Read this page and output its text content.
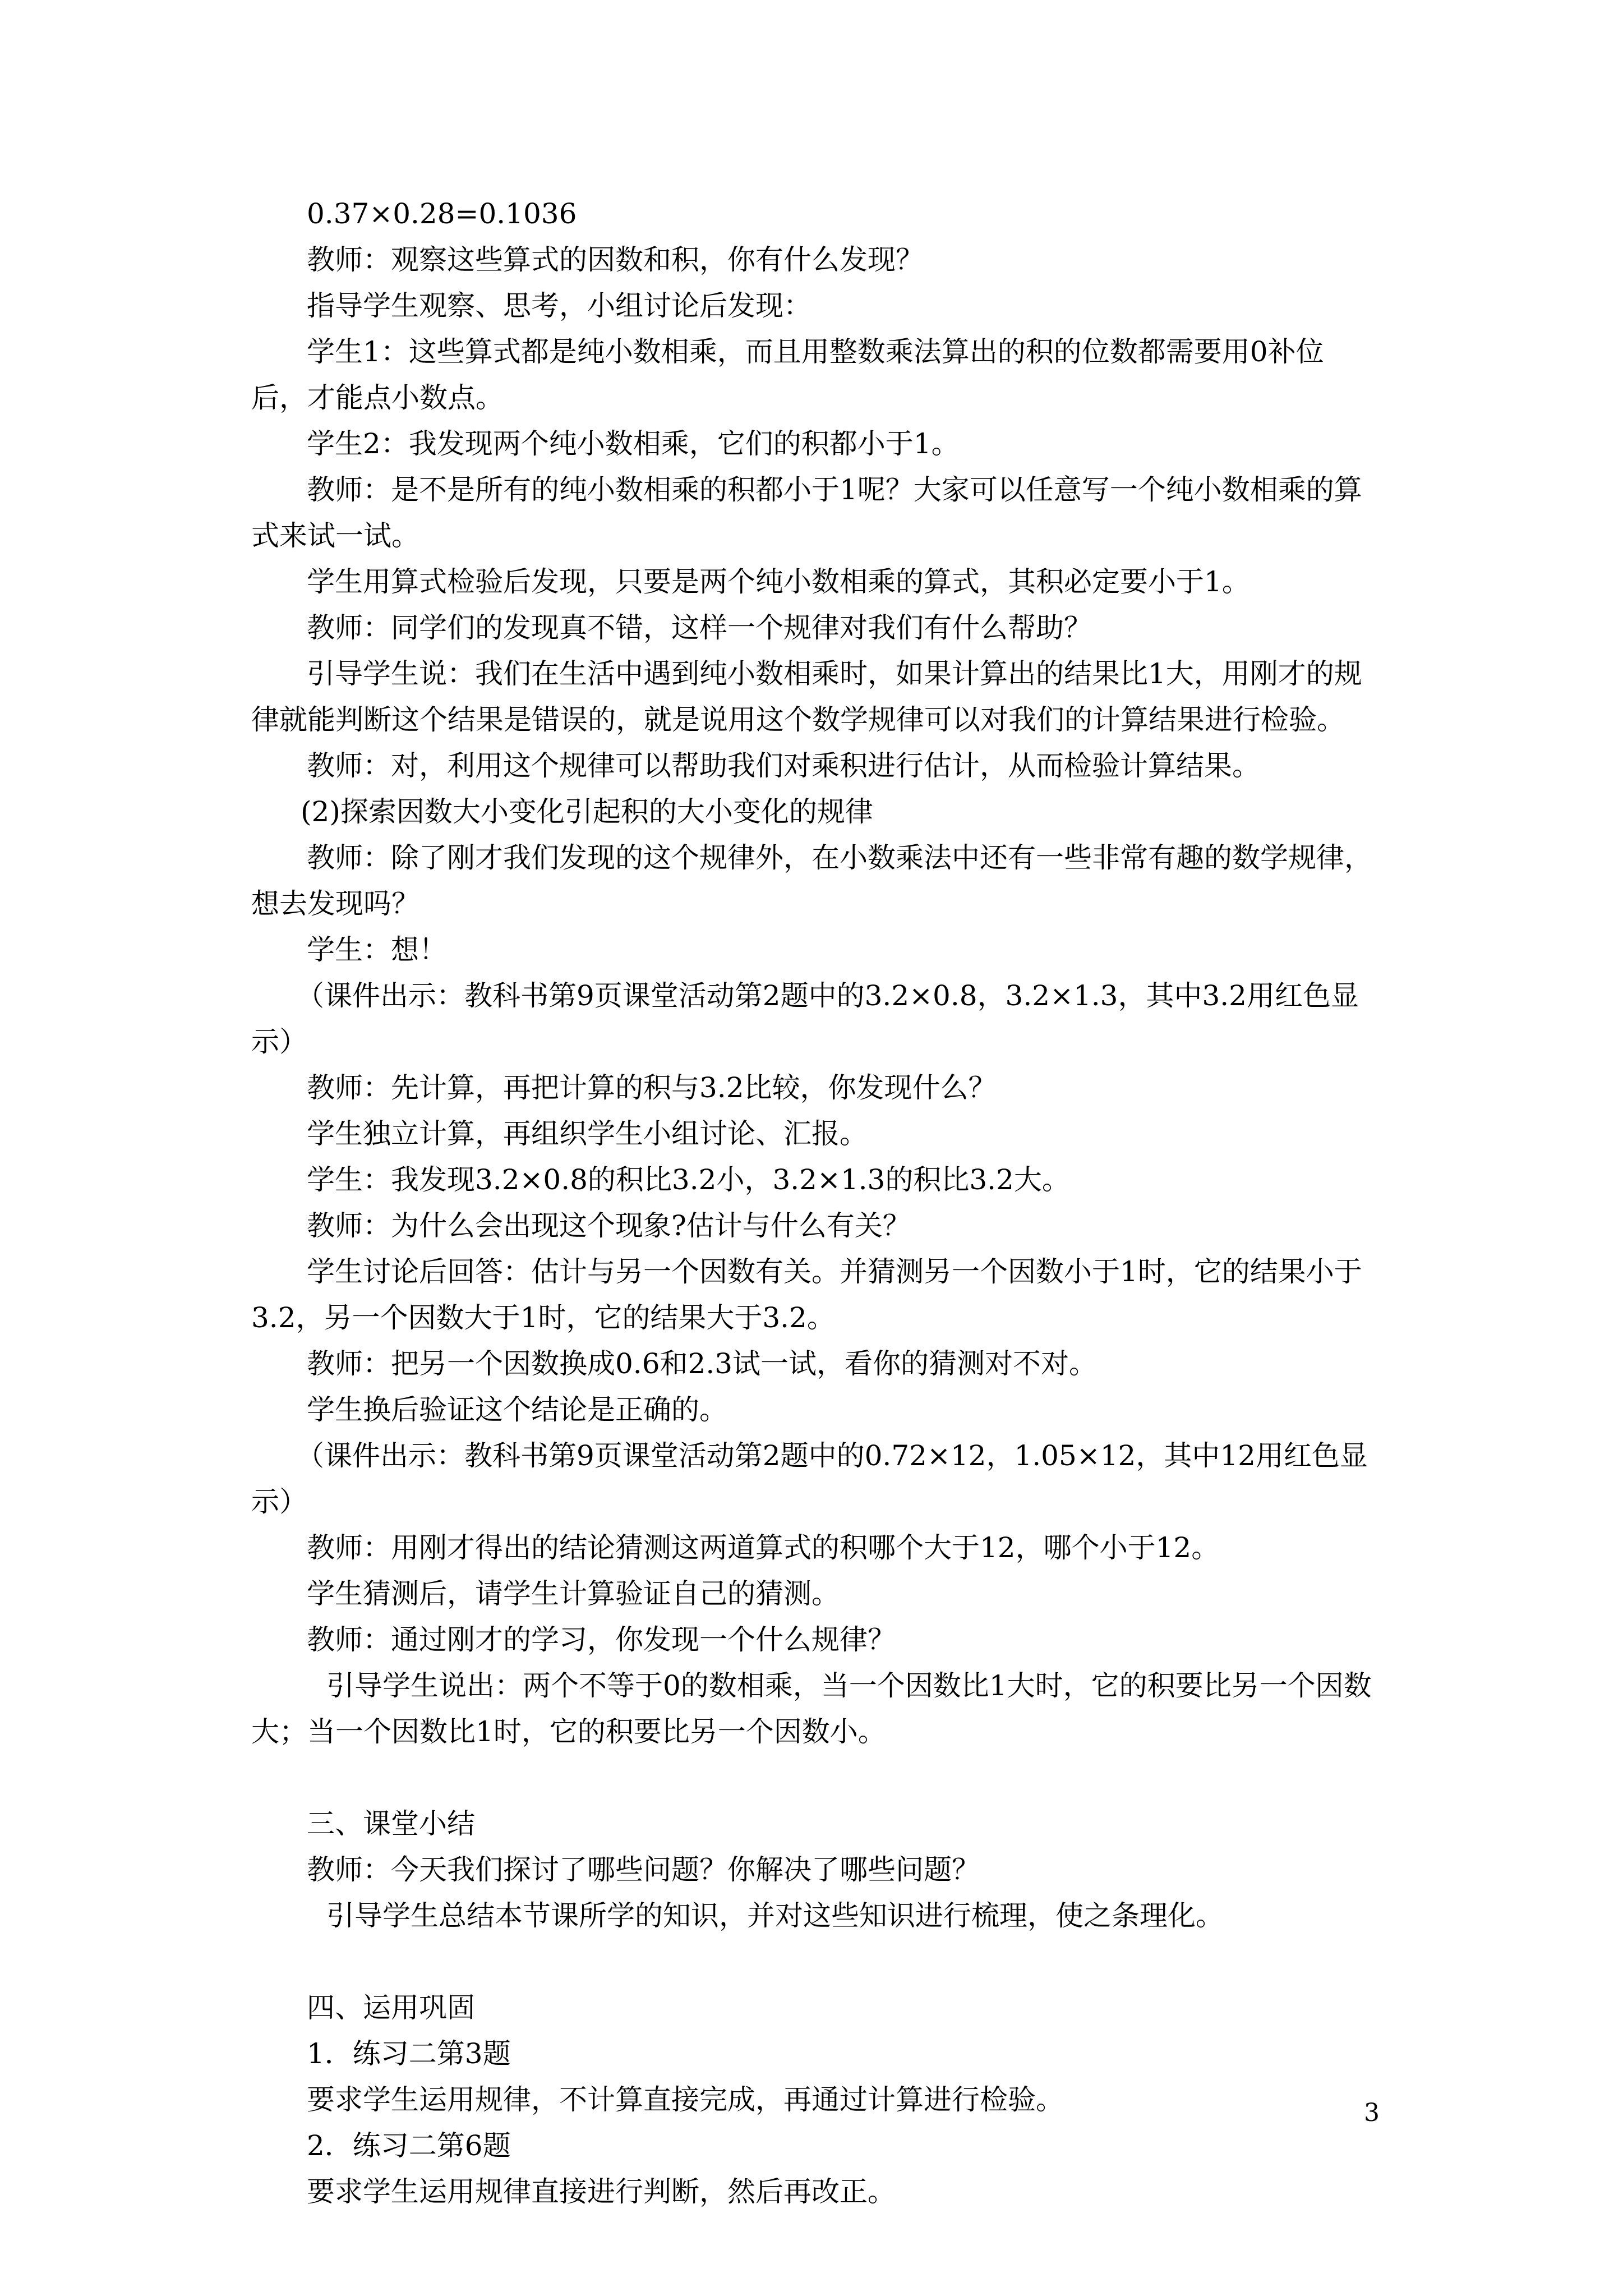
0.37×0.28=0.1036

教师：观察这些算式的因数和积，你有什么发现？

指导学生观察、思考，小组讨论后发现：

学生1：这些算式都是纯小数相乘，而且用整数乘法算出的积的位数都需要用0补位后，才能点小数点。

学生2：我发现两个纯小数相乘，它们的积都小于1。

教师：是不是所有的纯小数相乘的积都小于1呢？大家可以任意写一个纯小数相乘的算式来试一试。

学生用算式检验后发现，只要是两个纯小数相乘的算式，其积必定要小于1。

教师：同学们的发现真不错，这样一个规律对我们有什么帮助？

引导学生说：我们在生活中遇到纯小数相乘时，如果计算出的结果比1大，用刚才的规律就能判断这个结果是错误的，就是说用这个数学规律可以对我们的计算结果进行检验。

教师：对，利用这个规律可以帮助我们对乘积进行估计，从而检验计算结果。

(2)探索因数大小变化引起积的大小变化的规律

教师：除了刚才我们发现的这个规律外，在小数乘法中还有一些非常有趣的数学规律，想去发现吗？

学生：想！

（课件出示：教科书第9页课堂活动第2题中的3.2×0.8，3.2×1.3，其中3.2用红色显示）

教师：先计算，再把计算的积与3.2比较，你发现什么？

学生独立计算，再组织学生小组讨论、汇报。

学生：我发现3.2×0.8的积比3.2小，3.2×1.3的积比3.2大。

教师：为什么会出现这个现象?估计与什么有关？

学生讨论后回答：估计与另一个因数有关。并猜测另一个因数小于1时，它的结果小于3.2，另一个因数大于1时，它的结果大于3.2。

教师：把另一个因数换成0.6和2.3试一试，看你的猜测对不对。

学生换后验证这个结论是正确的。

（课件出示：教科书第9页课堂活动第2题中的0.72×12，1.05×12，其中12用红色显示）

教师：用刚才得出的结论猜测这两道算式的积哪个大于12，哪个小于12。

学生猜测后，请学生计算验证自己的猜测。

教师：通过刚才的学习，你发现一个什么规律？

引导学生说出：两个不等于0的数相乘，当一个因数比1大时，它的积要比另一个因数大；当一个因数比1时，它的积要比另一个因数小。

三、课堂小结

教师：今天我们探讨了哪些问题？你解决了哪些问题？

引导学生总结本节课所学的知识，并对这些知识进行梳理，使之条理化。

四、运用巩固

1．练习二第3题

要求学生运用规律，不计算直接完成，再通过计算进行检验。

2．练习二第6题

要求学生运用规律直接进行判断，然后再改正。

3
